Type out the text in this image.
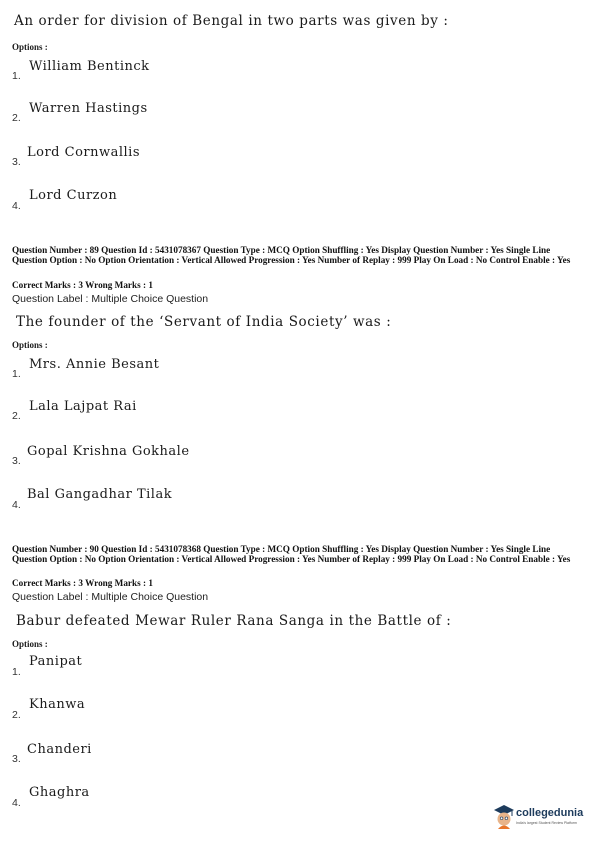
An order for division of Bengal in two parts was given by :
Options :
1.
William Bentinck
2.
Warren Hastings
3.
Lord Cornwallis
4.
Lord Curzon
Question Number : 89 Question Id : 5431078367 Question Type : MCQ Option Shuffling : Yes Display Question Number : Yes Single Line Question Option : No Option Orientation : Vertical Allowed Progression : Yes Number of Replay : 999 Play On Load : No Control Enable : Yes
Correct Marks : 3 Wrong Marks : 1
Question Label : Multiple Choice Question
The founder of the ‘Servant of India Society’ was :
Options :
1.
Mrs. Annie Besant
2.
Lala Lajpat Rai
3.
Gopal Krishna Gokhale
4.
Bal Gangadhar Tilak
Question Number : 90 Question Id : 5431078368 Question Type : MCQ Option Shuffling : Yes Display Question Number : Yes Single Line Question Option : No Option Orientation : Vertical Allowed Progression : Yes Number of Replay : 999 Play On Load : No Control Enable : Yes
Correct Marks : 3 Wrong Marks : 1
Question Label : Multiple Choice Question
Babur defeated Mewar Ruler Rana Sanga in the Battle of :
Options :
1.
Panipat
2.
Khanwa
3.
Chanderi
4.
Ghaghra
collegedunia
India's largest Student Review Platform
